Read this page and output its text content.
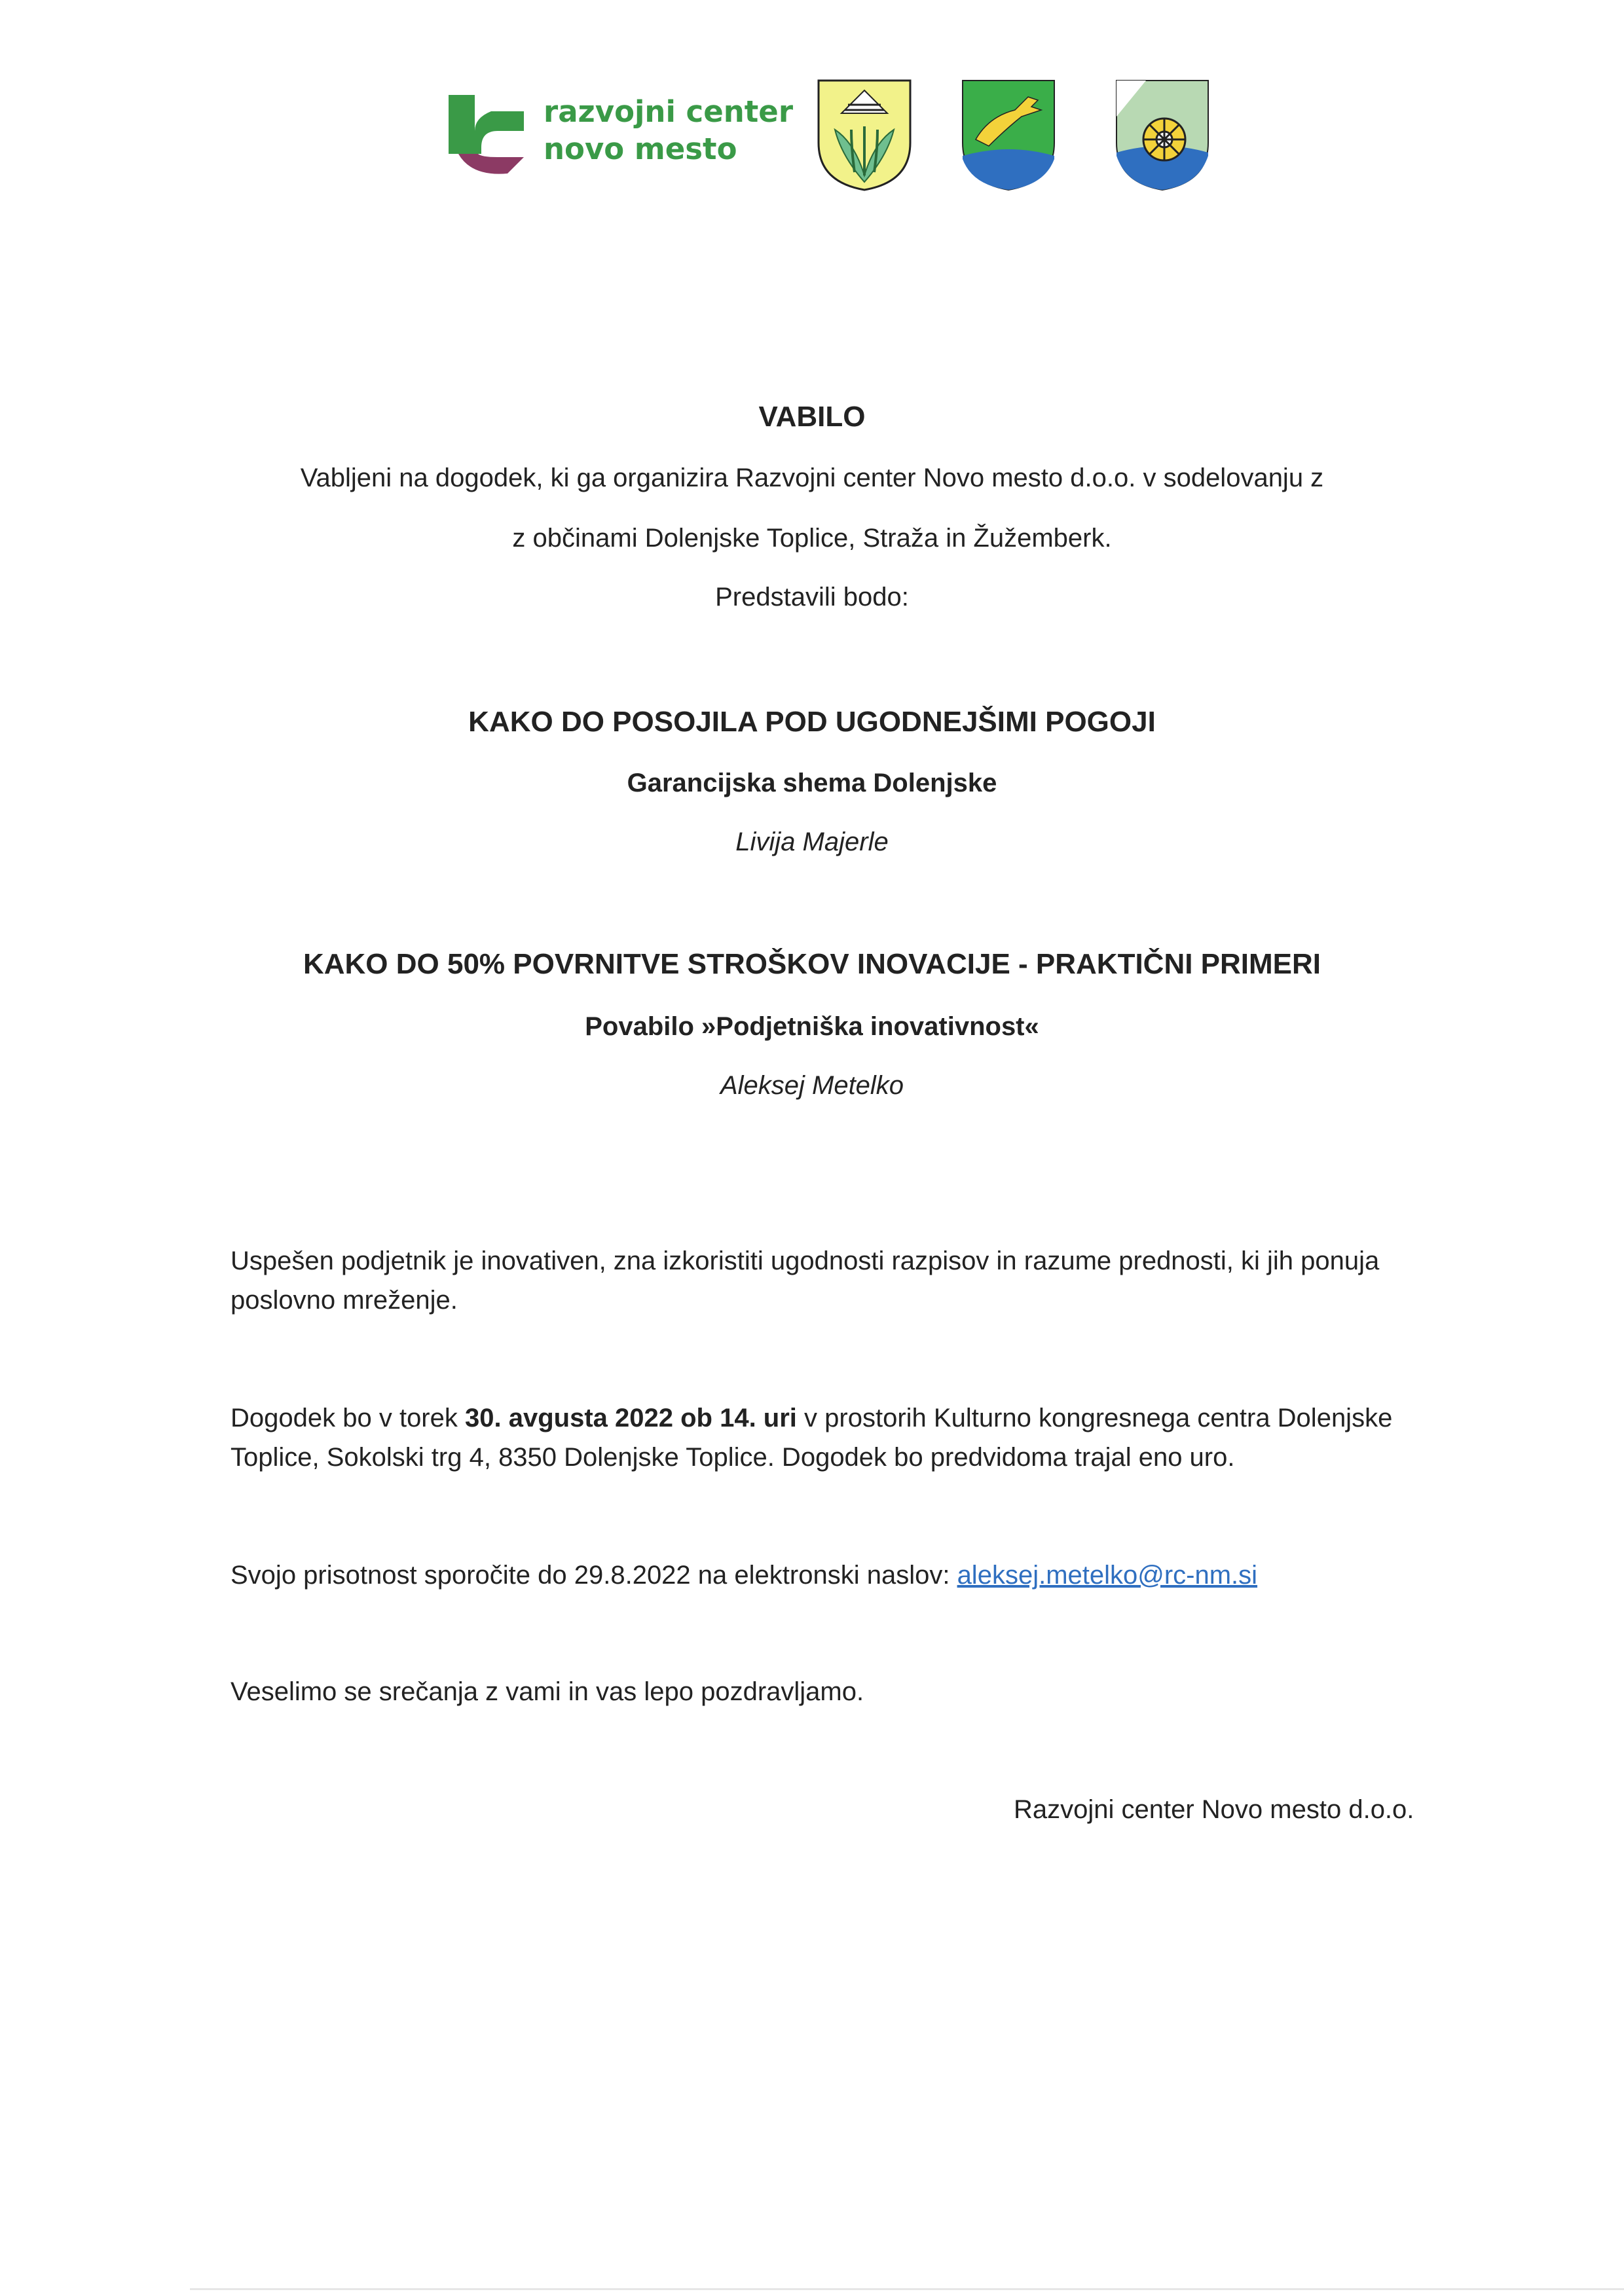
razvojni center
novo mesto
VABILO
Vabljeni na dogodek, ki ga organizira Razvojni center Novo mesto d.o.o. v sodelovanju z
z občinami Dolenjske Toplice, Straža in Žužemberk.
Predstavili bodo:
KAKO DO POSOJILA POD UGODNEJŠIMI POGOJI
Garancijska shema Dolenjske
Livija Majerle
KAKO DO 50% POVRNITVE STROŠKOV INOVACIJE - PRAKTIČNI PRIMERI
Povabilo »Podjetniška inovativnost«
Aleksej Metelko
Uspešen podjetnik je inovativen, zna izkoristiti ugodnosti razpisov in razume prednosti, ki jih ponuja
poslovno mreženje.
Dogodek bo v torek 30. avgusta 2022 ob 14. uri v prostorih Kulturno kongresnega centra Dolenjske
Toplice, Sokolski trg 4, 8350 Dolenjske Toplice. Dogodek bo predvidoma trajal eno uro.
Svojo prisotnost sporočite do 29.8.2022 na elektronski naslov: aleksej.metelko@rc-nm.si
Veselimo se srečanja z vami in vas lepo pozdravljamo.
Razvojni center Novo mesto d.o.o.
